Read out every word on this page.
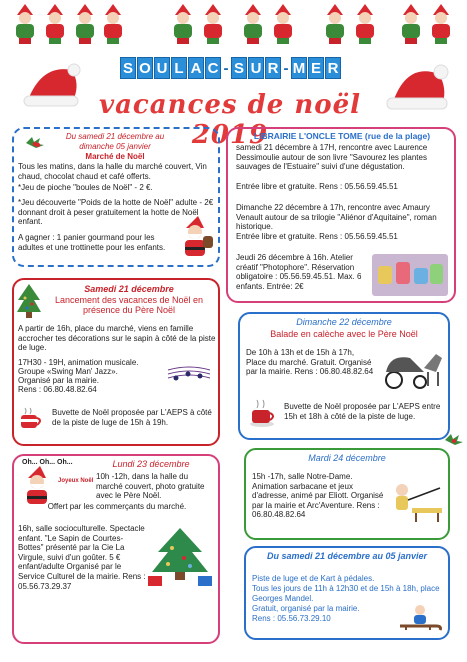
S O U L A C - S U R - M E R
vacances de noël 2019
Du samedi 21 décembre au dimanche 05 janvier
Marché de Noël
Tous les matins, dans la halle du marché couvert, Vin chaud, chocolat chaud et café offerts.
*Jeu de pioche "boules de Noël" - 2 €.
*Jeu découverte "Poids de la hotte de Noël" adulte - 2€ donnant droit à peser gratuitement la hotte de Noël enfant.
A gagner : 1 panier gourmand pour les adultes et une trottinette pour les enfants.
LIBRAIRIE L'ONCLE TOME (rue de la plage)
samedi 21 décembre à 17H, rencontre avec Laurence Dessimoulie autour de son livre "Savourez les plantes sauvages de l'Estuaire" suivi d'une dégustation.
Entrée libre et gratuite. Rens : 05.56.59.45.51
Dimanche 22 décembre à 17h, rencontre avec Amaury Venault autour de sa trilogie "Aliénor d'Aquitaine", roman historique.
Entrée libre et gratuite. Rens : 05.56.59.45.51
Jeudi 26 décembre à 16h. Atelier créatif "Photophore". Réservation obligatoire : 05.56.59.45.51. Max. 6 enfants. Entrée: 2€
Samedi 21 décembre
Lancement des vacances de Noël en présence du Père Noël
A partir de 16h, place du marché, viens en famille accrocher tes décorations sur le sapin à côté de la piste de luge.
17H30 - 19H, animation musicale.
Groupe «Swing Man' Jazz».
Organisé par la mairie.
Rens : 06.80.48.82.64
Buvette de Noël proposée par L'AEPS à côté de la piste de luge de 15h à 19h.
Dimanche 22 décembre
Balade en calèche avec le Père Noël
De 10h à 13h et de 15h à 17h, Place du marché. Gratuit. Organisé par la mairie. Rens : 06.80.48.82.64
Buvette de Noël proposée par L'AEPS entre 15h et 18h à côté de la piste de luge.
Oh... Oh... Oh...
Joyeux Noël
Lundi 23 décembre
10h -12h, dans la halle du marché couvert, photo gratuite avec le Père Noël.
Offert par les commerçants du marché.
16h, salle socioculturelle. Spectacle enfant. "Le Sapin de Courtes-Bottes" présenté par la Cie La Virgule, suivi d'un goûter. 5 € enfant/adulte Organisé par le Service Culturel de la mairie. Rens : 05.56.73.29.37
Mardi 24 décembre
15h -17h, salle Notre-Dame. Animation sarbacane et jeux d'adresse, animé par Eliott. Organisé par la mairie et Arc'Aventure. Rens : 06.80.48.82.64
Du samedi 21 décembre au 05 janvier
Piste de luge et de Kart à pédales.
Tous les jours de 11h à 12h30 et de 15h à 18h, place Georges Mandel.
Gratuit, organisé par la mairie.
Rens : 05.56.73.29.10
